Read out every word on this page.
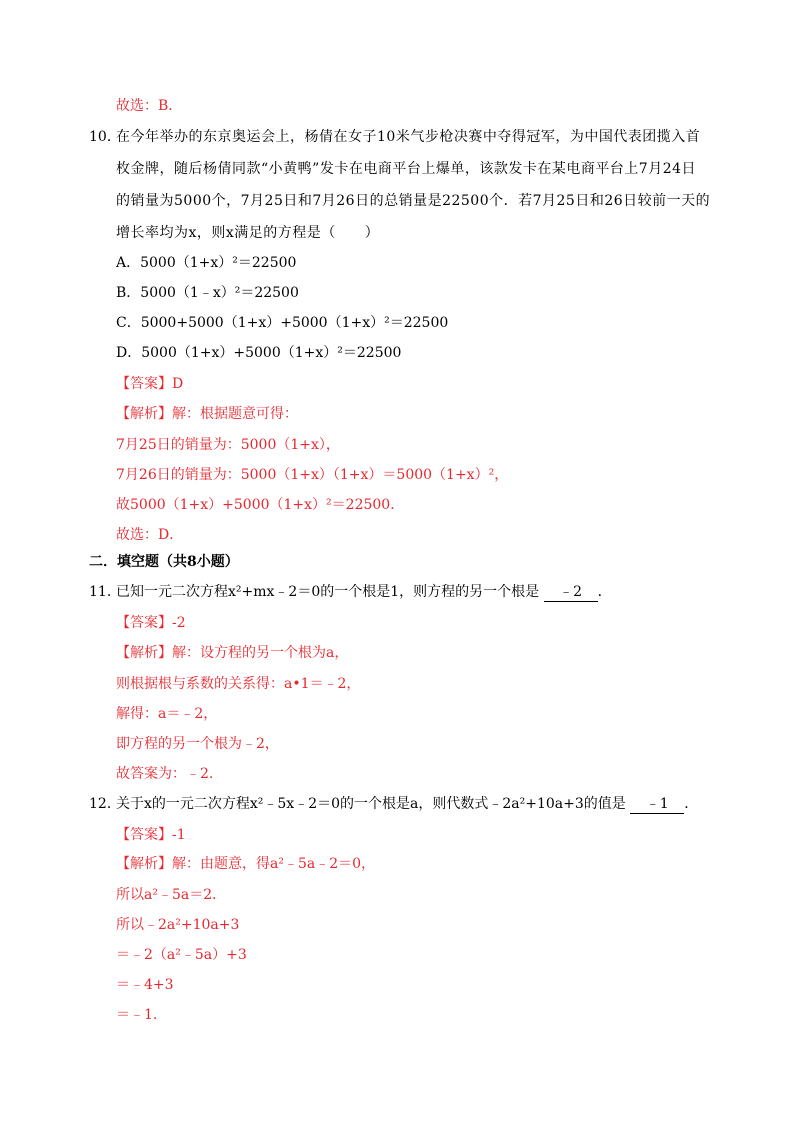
故选：B．
10．
在今年举办的东京奥运会上，杨倩在女子10米气步枪决赛中夺得冠军，为中国代表团揽入首
枚金牌，随后杨倩同款“小黄鸭”发卡在电商平台上爆单，该款发卡在某电商平台上7月24日
的销量为5000个，7月25日和7月26日的总销量是22500个．若7月25日和26日较前一天的
增长率均为x，则x满足的方程是（　　）
A．5000（1+x）²＝22500
B．5000（1﹣x）²＝22500
C．5000+5000（1+x）+5000（1+x）²＝22500
D．5000（1+x）+5000（1+x）²＝22500
【答案】D
【解析】解：根据题意可得：
7月25日的销量为：5000（1+x），
7月26日的销量为：5000（1+x）（1+x）＝5000（1+x）²，
故5000（1+x）+5000（1+x）²＝22500．
故选：D．
二．填空题（共8小题）
11．
已知一元二次方程x²+mx﹣2＝0的一个根是1，则方程的另一个根是 ﹣2 ．
【答案】-2
【解析】解：设方程的另一个根为a，
则根据根与系数的关系得：a•1＝﹣2，
解得：a＝﹣2，
即方程的另一个根为﹣2，
故答案为：﹣2.
12．
关于x的一元二次方程x²﹣5x﹣2＝0的一个根是a，则代数式﹣2a²+10a+3的值是 ﹣1 ．
【答案】-1
【解析】解：由题意，得a²﹣5a﹣2＝0，
所以a²﹣5a＝2．
所以﹣2a²+10a+3
＝﹣2（a²﹣5a）+3
＝﹣4+3
＝﹣1.
